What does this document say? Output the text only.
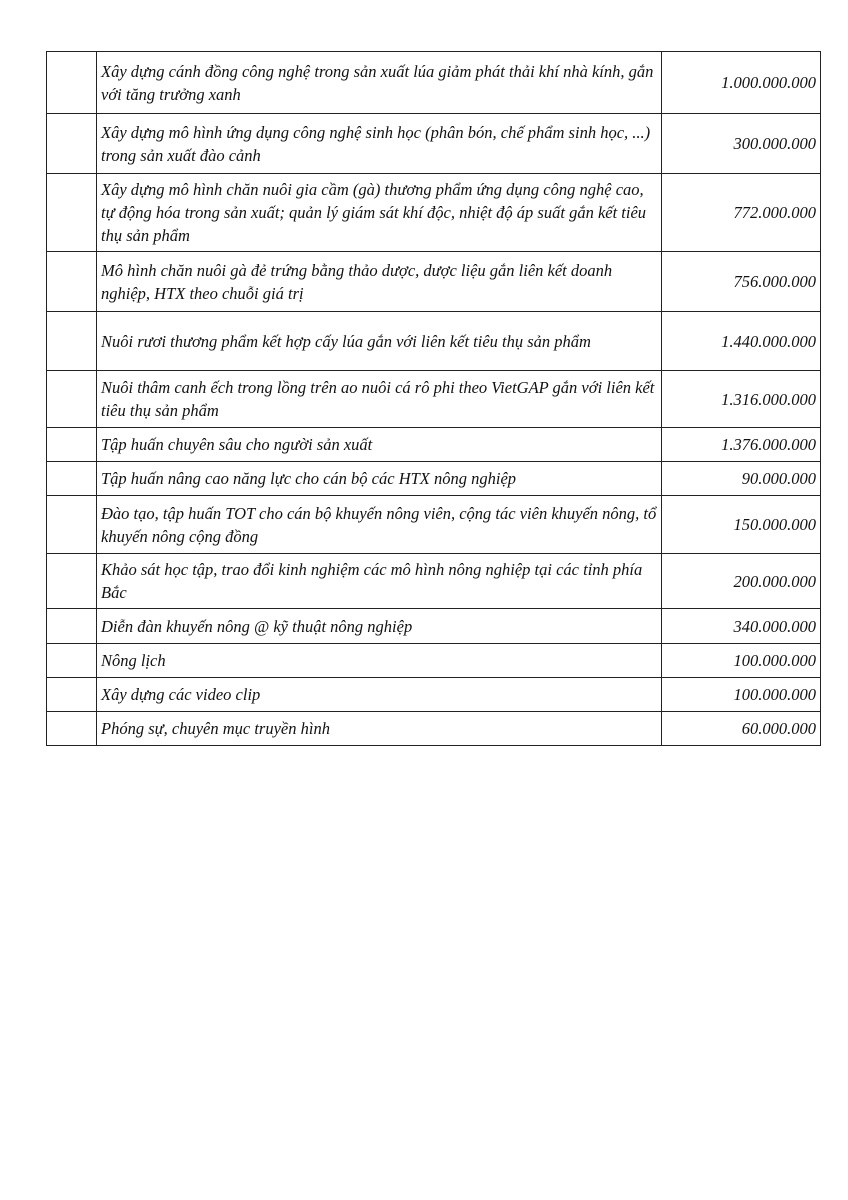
	Xây dựng cánh đồng công nghệ trong sản xuất lúa giảm phát thải khí nhà kính, gắn với tăng trưởng xanh	1.000.000.000
	Xây dựng mô hình ứng dụng công nghệ sinh học (phân bón, chế phẩm sinh học, ...) trong sản xuất đào cảnh	300.000.000
	Xây dựng mô hình chăn nuôi gia cầm (gà) thương phẩm ứng dụng công nghệ cao, tự động hóa trong sản xuất; quản lý giám sát khí độc, nhiệt độ áp suất gắn kết tiêu thụ sản phẩm	772.000.000
	Mô hình chăn nuôi gà đẻ trứng bằng thảo dược, dược liệu gắn liên kết doanh nghiệp, HTX theo chuỗi giá trị	756.000.000
	Nuôi rươi thương phẩm kết hợp cấy lúa gắn với liên kết tiêu thụ sản phẩm	1.440.000.000
	Nuôi thâm canh ếch trong lồng trên ao nuôi cá rô phi theo VietGAP gắn với liên kết tiêu thụ sản phẩm	1.316.000.000
	Tập huấn chuyên sâu cho người sản xuất	1.376.000.000
	Tập huấn nâng cao năng lực cho cán bộ các HTX nông nghiệp	90.000.000
	Đào tạo, tập huấn TOT cho cán bộ khuyến nông viên, cộng tác viên khuyến nông, tổ khuyến nông cộng đồng	150.000.000
	Khảo sát học tập, trao đổi kinh nghiệm các mô hình nông nghiệp tại các tỉnh phía Bắc	200.000.000
	Diễn đàn khuyến nông @ kỹ thuật nông nghiệp	340.000.000
	Nông lịch	100.000.000
	Xây dựng các video clip	100.000.000
	Phóng sự, chuyên mục truyền hình	60.000.000
